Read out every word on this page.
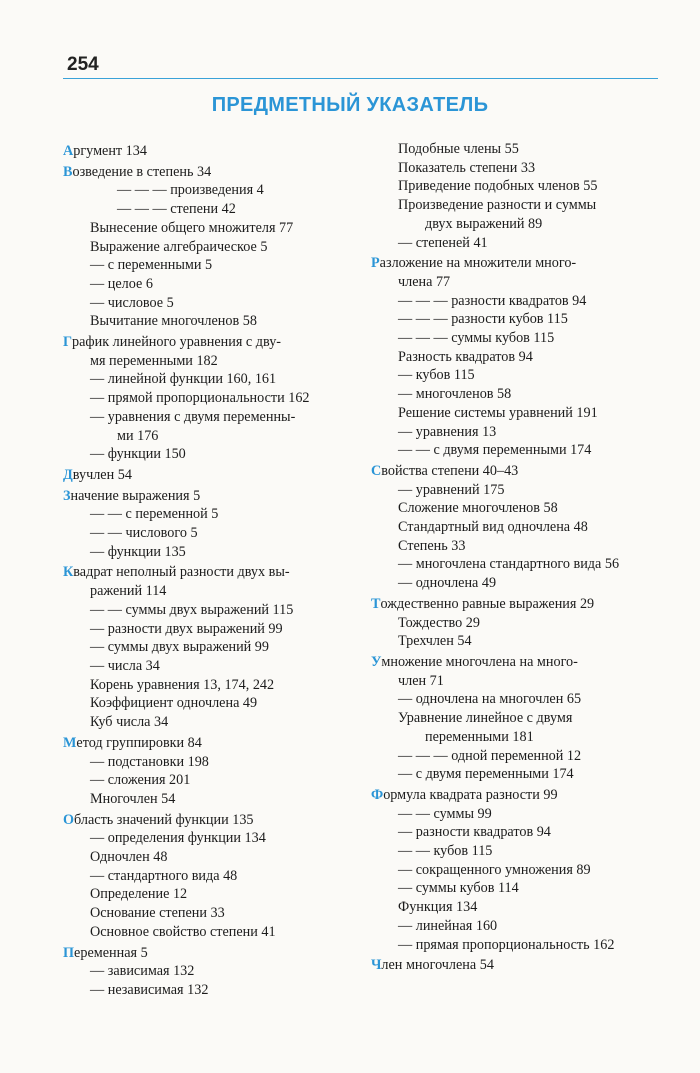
254
ПРЕДМЕТНЫЙ УКАЗАТЕЛЬ
Аргумент 134
Возведение в степень 34
— — — произведения 4
— — — степени 42
Вынесение общего множителя 77
Выражение алгебраическое 5
— с переменными 5
— целое 6
— числовое 5
Вычитание многочленов 58
График линейного уравнения с дву-
мя переменными 182
— линейной функции 160, 161
— прямой пропорциональности 162
— уравнения с двумя переменны-
ми 176
— функции 150
Двучлен 54
Значение выражения 5
— — с переменной 5
— — числового 5
— функции 135
Квадрат неполный разности двух вы-
ражений 114
— — суммы двух выражений 115
— разности двух выражений 99
— суммы двух выражений 99
— числа 34
Корень уравнения 13, 174, 242
Коэффициент одночлена 49
Куб числа 34
Метод группировки 84
— подстановки 198
— сложения 201
Многочлен 54
Область значений функции 135
— определения функции 134
Одночлен 48
— стандартного вида 48
Определение 12
Основание степени 33
Основное свойство степени 41
Переменная 5
— зависимая 132
— независимая 132
Подобные члены 55
Показатель степени 33
Приведение подобных членов 55
Произведение разности и суммы
двух выражений 89
— степеней 41
Разложение на множители много-
члена 77
— — — разности квадратов 94
— — — разности кубов 115
— — — суммы кубов 115
Разность квадратов 94
— кубов 115
— многочленов 58
Решение системы уравнений 191
— уравнения 13
— — с двумя переменными 174
Свойства степени 40–43
— уравнений 175
Сложение многочленов 58
Стандартный вид одночлена 48
Степень 33
— многочлена стандартного вида 56
— одночлена 49
Тождественно равные выражения 29
Тождество 29
Трехчлен 54
Умножение многочлена на много-
член 71
— одночлена на многочлен 65
Уравнение линейное с двумя
переменными 181
— — — одной переменной 12
— с двумя переменными 174
Формула квадрата разности 99
— — суммы 99
— разности квадратов 94
— — кубов 115
— сокращенного умножения 89
— суммы кубов 114
Функция 134
— линейная 160
— прямая пропорциональность 162
Член многочлена 54
